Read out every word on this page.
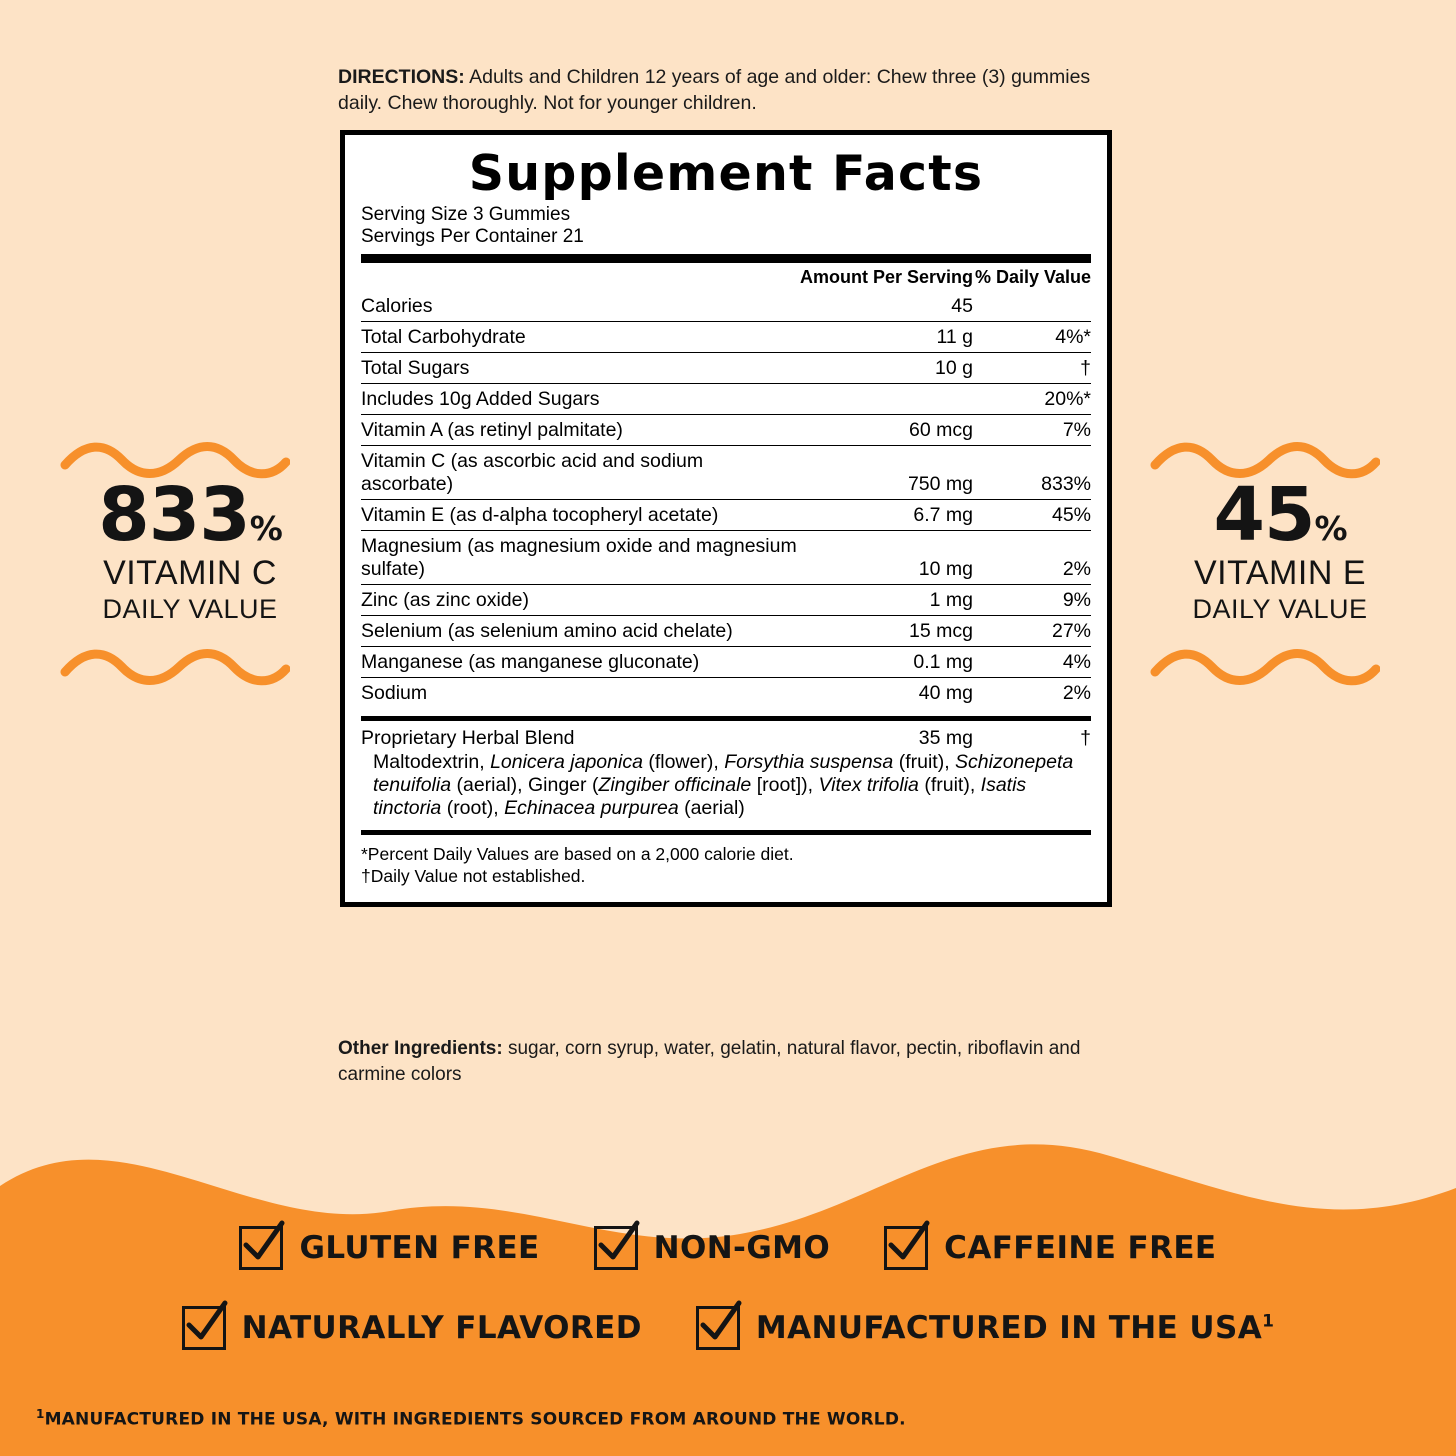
DIRECTIONS: Adults and Children 12 years of age and older: Chew three (3) gummies daily. Chew thoroughly. Not for younger children.
Supplement Facts
Serving Size 3 Gummies
Servings Per Container 21
	Amount Per Serving	% Daily Value
Calories	45	
Total Carbohydrate	11 g	4%*
Total Sugars	10 g	†
Includes 10g Added Sugars		20%*
Vitamin A (as retinyl palmitate)	60 mcg	7%
Vitamin C (as ascorbic acid and sodium ascorbate)	750 mg	833%
Vitamin E (as d-alpha tocopheryl acetate)	6.7 mg	45%
Magnesium (as magnesium oxide and magnesium sulfate)	10 mg	2%
Zinc (as zinc oxide)	1 mg	9%
Selenium (as selenium amino acid chelate)	15 mcg	27%
Manganese (as manganese gluconate)	0.1 mg	4%
Sodium	40 mg	2%
Proprietary Herbal Blend	35 mg	†
Maltodextrin, Lonicera japonica (flower), Forsythia suspensa (fruit), Schizonepeta tenuifolia (aerial), Ginger (Zingiber officinale [root]), Vitex trifolia (fruit), Isatis tinctoria (root), Echinacea purpurea (aerial)
*Percent Daily Values are based on a 2,000 calorie diet.
†Daily Value not established.
Other Ingredients: sugar, corn syrup, water, gelatin, natural flavor, pectin, riboflavin and carmine colors
833%
VITAMIN C
DAILY VALUE
45%
VITAMIN E
DAILY VALUE
GLUTEN FREE	NON-GMO	CAFFEINE FREE
NATURALLY FLAVORED	MANUFACTURED IN THE USA$^1$
$^1$MANUFACTURED IN THE USA, WITH INGREDIENTS SOURCED FROM AROUND THE WORLD.
